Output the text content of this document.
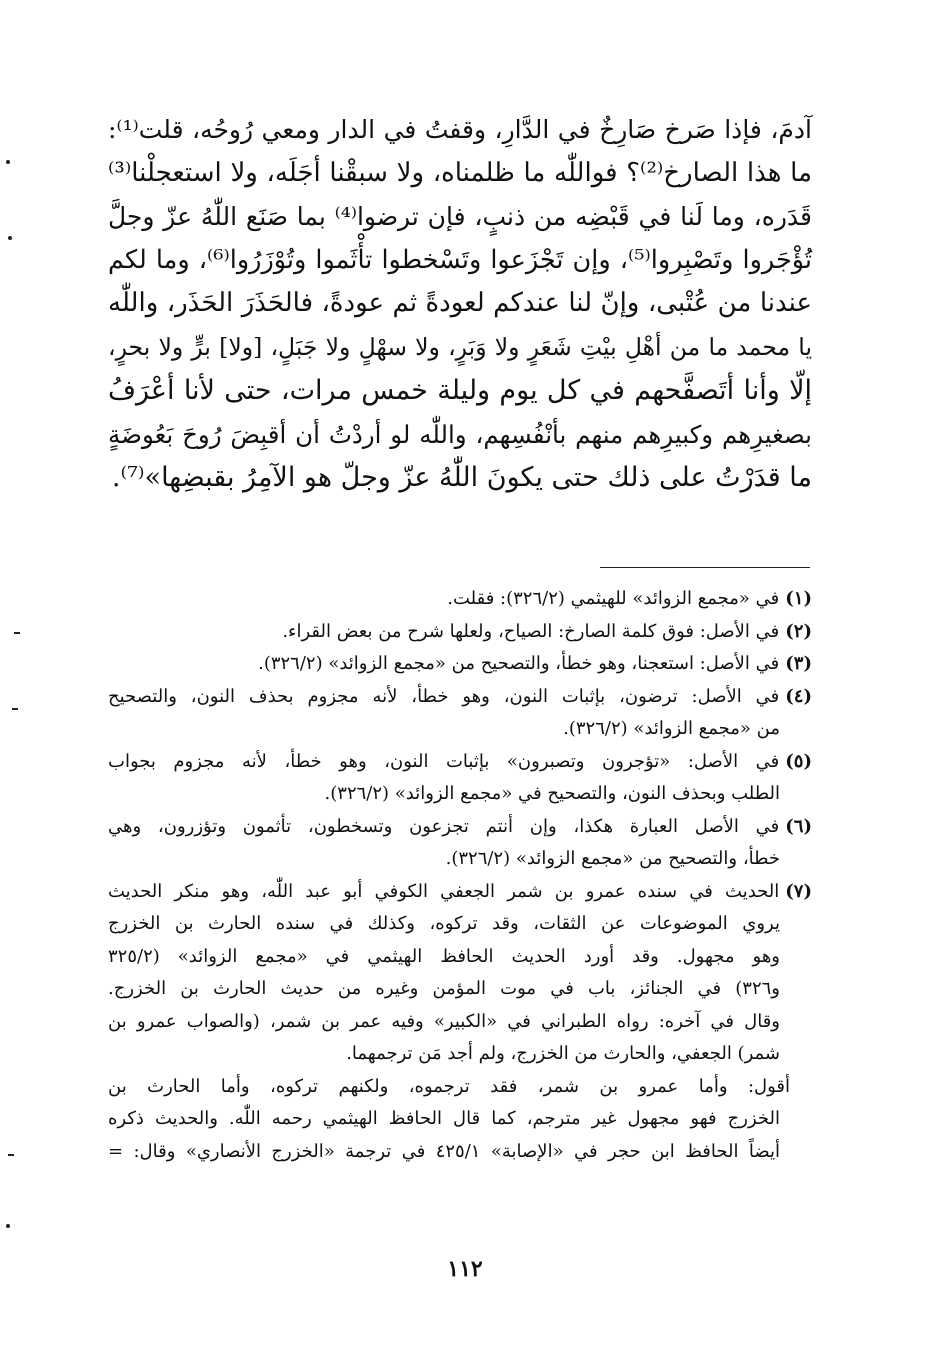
آدمَ، فإذا صَرخ صَارِخٌ في الدَّارِ، وقفتُ في الدار ومعي رُوحُه، قلت⁽¹⁾:
ما هذا الصارخ⁽²⁾؟ فواللّٰه ما ظلمناه، ولا سبقْنا أجَلَه، ولا استعجلْنا⁽³⁾
قَدَره، وما لَنا في قَبْضِه من ذنبٍ، فإن ترضوا⁽⁴⁾ بما صَنَع اللّٰهُ عزّ وجلَّ
تُؤْجَروا وتَصْبِروا⁽⁵⁾، وإن تَجْزَعوا وتَسْخطوا تأْثَموا وتُوْزَرُوا⁽⁶⁾، وما لكم
عندنا من عُتْبى، وإنّ لنا عندكم لعودةً ثم عودةً، فالحَذَرَ الحَذَر، واللّٰه
يا محمد ما من أهْلِ بيْتِ شَعَرٍ ولا وَبَرٍ، ولا سهْلٍ ولا جَبَلٍ، [ولا] برٍّ ولا بحرٍ،
إلّا وأنا أتَصفَّحهم في كل يوم وليلة خمس مرات، حتى لأنا أعْرَفُ
بصغيرِهم وكبيرِهم منهم بأنْفُسِهم، واللّٰه لو أردْتُ أن أقبِضَ رُوحَ بَعُوضَةٍ
ما قدَرْتُ على ذلك حتى يكونَ اللّٰهُ عزّ وجلّ هو الآمِرُ بقبضِها»⁽⁷⁾.
(١)في «مجمع الزوائد» للهيثمي (٣٢٦/٢): فقلت.
(٢)في الأصل: فوق كلمة الصارخ: الصياح، ولعلها شرح من بعض القراء.
(٣)في الأصل: استعجنا، وهو خطأ، والتصحيح من «مجمع الزوائد» (٣٢٦/٢).
(٤)في الأصل: ترضون، بإثبات النون، وهو خطأ، لأنه مجزوم بحذف النون، والتصحيح
من «مجمع الزوائد» (٣٢٦/٢).
(٥)في الأصل: «تؤجرون وتصبرون» بإثبات النون، وهو خطأ، لأنه مجزوم بجواب
الطلب وبحذف النون، والتصحيح في «مجمع الزوائد» (٣٢٦/٢).
(٦)في الأصل العبارة هكذا، وإن أنتم تجزعون وتسخطون، تأثمون وتؤزرون، وهي
خطأ، والتصحيح من «مجمع الزوائد» (٣٢٦/٢).
(٧)الحديث في سنده عمرو بن شمر الجعفي الكوفي أبو عبد اللّٰه، وهو منكر الحديث
يروي الموضوعات عن الثقات، وقد تركوه، وكذلك في سنده الحارث بن الخزرج
وهو مجهول. وقد أورد الحديث الحافظ الهيثمي في «مجمع الزوائد» (٣٢٥/٢
و٣٢٦) في الجنائز، باب في موت المؤمن وغيره من حديث الحارث بن الخزرج.
وقال في آخره: رواه الطبراني في «الكبير» وفيه عمر بن شمر، (والصواب عمرو بن
شمر) الجعفي، والحارث من الخزرج، ولم أجد مَن ترجمهما.
أقول: وأما عمرو بن شمر، فقد ترجموه، ولكنهم تركوه، وأما الحارث بن
الخزرج فهو مجهول غير مترجم، كما قال الحافظ الهيثمي رحمه اللّٰه. والحديث ذكره
أيضاً الحافظ ابن حجر في «الإصابة» ٤٢٥/١ في ترجمة «الخزرج الأنصاري» وقال: =
١١٢
